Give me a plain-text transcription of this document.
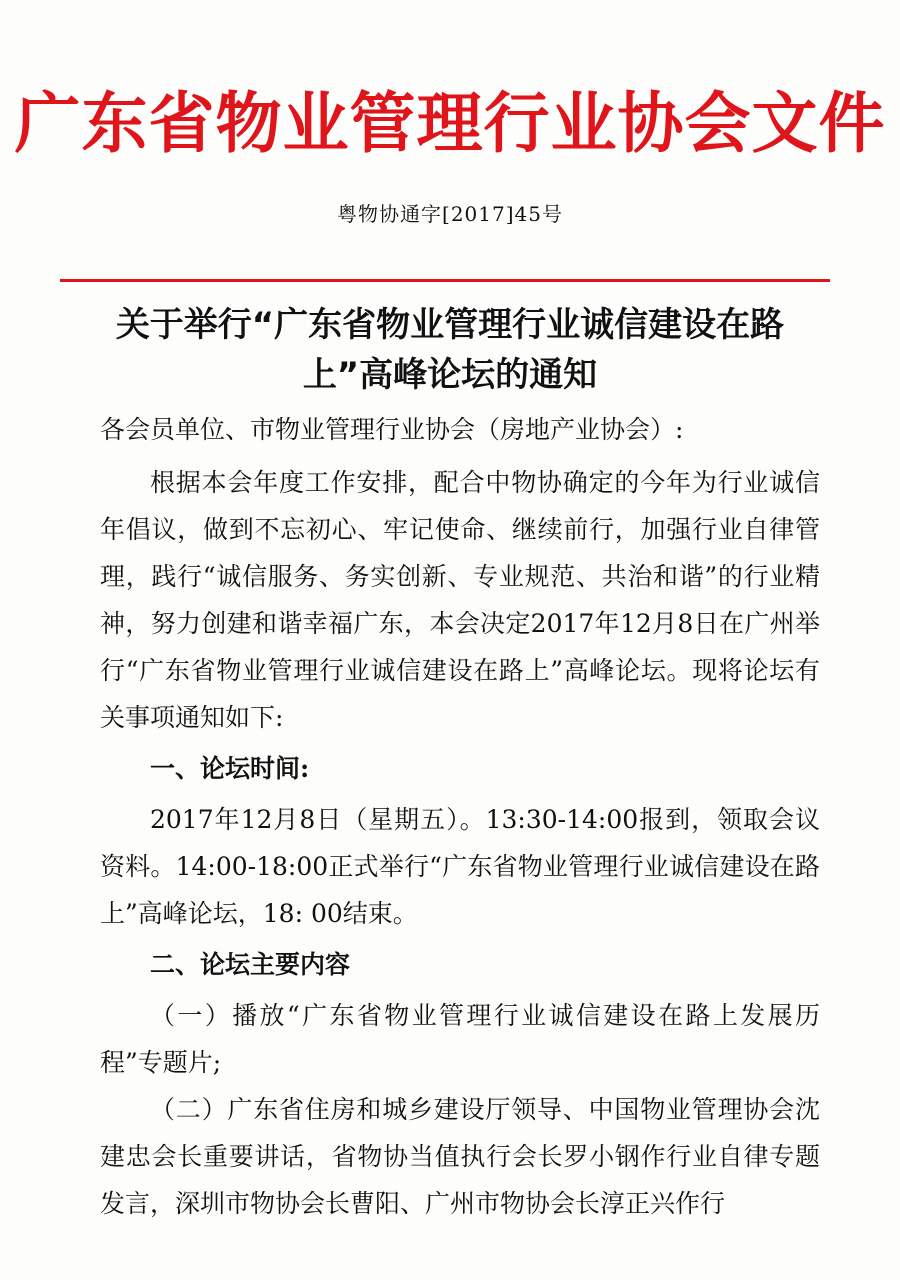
广东省物业管理行业协会文件
粤物协通字[2017]45号
关于举行“广东省物业管理行业诚信建设在路上”高峰论坛的通知

各会员单位、市物业管理行业协会（房地产业协会）:

根据本会年度工作安排，配合中物协确定的今年为行业诚信年倡议，做到不忘初心、牢记使命、继续前行，加强行业自律管理，践行“诚信服务、务实创新、专业规范、共治和谐”的行业精神，努力创建和谐幸福广东，本会决定2017年12月8日在广州举行“广东省物业管理行业诚信建设在路上”高峰论坛。现将论坛有关事项通知如下:

一、论坛时间:

2017年12月8日（星期五）。13:30-14:00报到，领取会议资料。14:00-18:00正式举行“广东省物业管理行业诚信建设在路上”高峰论坛，18: 00结束。

二、论坛主要内容

（一）播放“广东省物业管理行业诚信建设在路上发展历程”专题片;

（二）广东省住房和城乡建设厅领导、中国物业管理协会沈建忠会长重要讲话，省物协当值执行会长罗小钢作行业自律专题发言，深圳市物协会长曹阳、广州市物协会长淳正兴作行
